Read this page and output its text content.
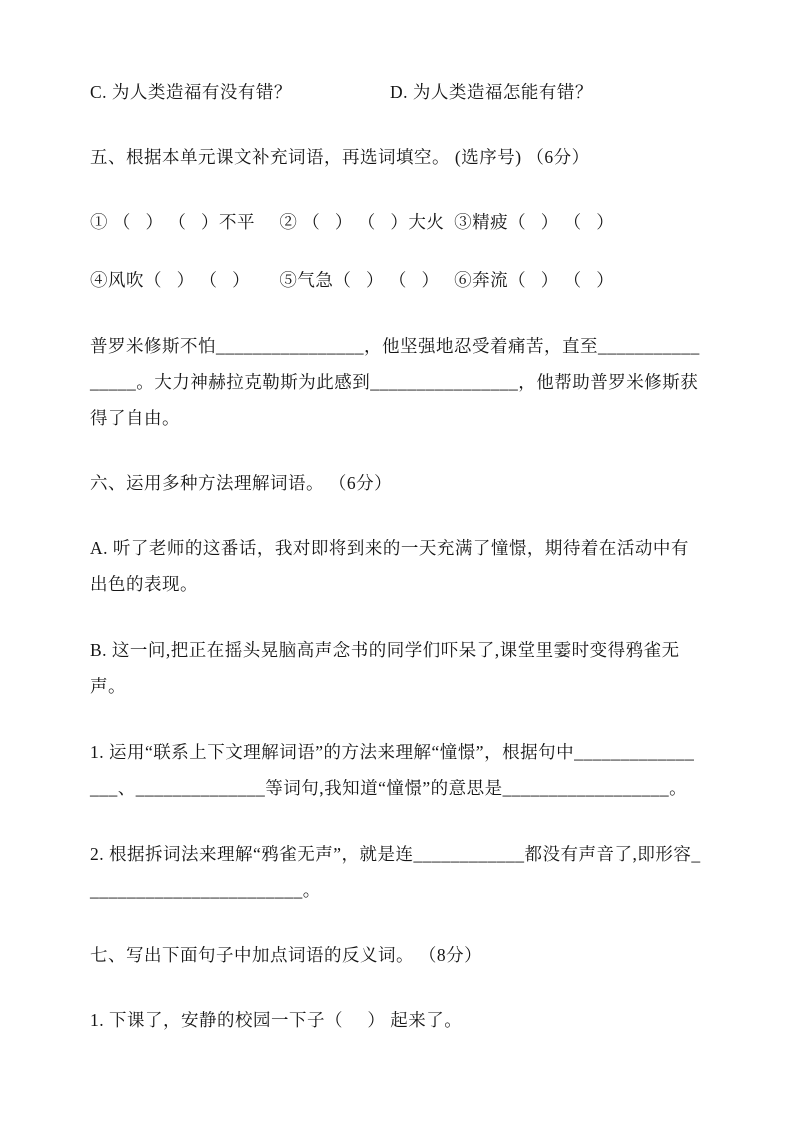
C. 为人类造福有没有错？	D. 为人类造福怎能有错？

五、根据本单元课文补充词语，再选词填空。 (选序号) （6分）

① （   ） （   ）不平     ② （   ） （   ）大火  ③精疲（   ） （   ）

④风吹（   ） （   ）      ⑤气急（   ） （   ）   ⑥奔流（   ） （   ）

普罗米修斯不怕________________，他坚强地忍受着痛苦，直至________________。大力神赫拉克勒斯为此感到________________，他帮助普罗米修斯获得了自由。

六、运用多种方法理解词语。 （6分）

A. 听了老师的这番话，我对即将到来的一天充满了憧憬，期待着在活动中有出色的表现。

B. 这一问,把正在摇头晃脑高声念书的同学们吓呆了,课堂里霎时变得鸦雀无声。

1. 运用“联系上下文理解词语”的方法来理解“憧憬”，根据句中________________、______________等词句,我知道“憧憬”的意思是__________________。

2. 根据拆词法来理解“鸦雀无声”，就是连____________都没有声音了,即形容________________________。

七、写出下面句子中加点词语的反义词。 （8分）

1. 下课了，安静的校园一下子（     ） 起来了。
